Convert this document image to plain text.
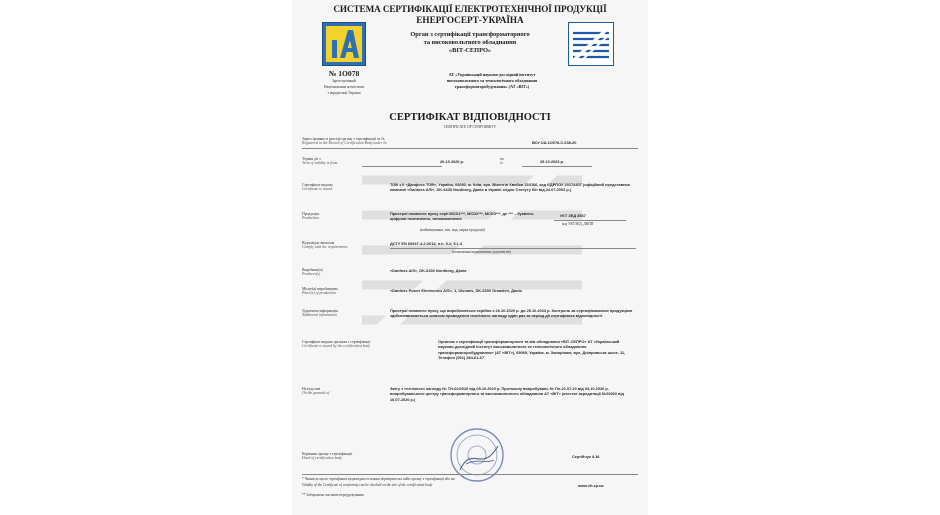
СИСТЕМА СЕРТИФІКАЦІЇ ЕЛЕКТРОТЕХНІЧНОЇ ПРОДУКЦІЇ
ЕНЕРГОСЕРТ-УКРАЇНА
№ 1О078
Зареєстрований
Національним агентством
з акредитації України
Орган з сертифікації трансформаторного
та високовольтного обладнання
«ВІТ-СЕПРО»
АТ «Український науково-дослідний інститут
високовольтного та технологічного обладнання
трансформаторобудування» (АТ «ВІТ»)
СЕРТИФІКАТ ВІДПОВІДНОСТІ
CERTIFICATE OF CONFORMITY
Зареєстровано в реєстрі органу з сертифікації за №
Registered in the Record of Certification Body under №	ВСУ UA.1О078.С.038-20
Термін дії з
Term of validity is from	26.10.2020 р.	по
to	25.10.2023 р.
Сертифікат видано
Certificate is issued
ТОВ з ІІ «Данфосс ТОВ», Україна, 04080, м. Київ, вул. Вікентія Хвойки 15/15/6, код ЄДРПОУ 20174407 (офіційний представник компанії «Danfoss A/S», DK-6430 Nordborg, Данія в Україні згідно Статуту б/н від 24.07.2003 р.)
Продукція
Production
Пристрої плавного пуску серії MCD1***, MCD2***, MCD3***, де *** – буквено-цифрові позначення, типовиконання
УКТ ЗЕД 8537
код УКТЗЕД, ДКПП
(найменування, тип, вид, марка продукції)
Відповідає вимогам
Comply with the requirements
ДСТУ EN 60947-4-2:2014, п.п. 5.2; 5.1.3
(позначення нормативних документів)
Виробник(и)
Producer(s)
«Danfoss A/S», DK-6430 Nordborg, Данія
Місце(я) виробництва
Place(s) of production
«Danfoss Power Electronics A/S», 1, Ulsnaes, DK-6300 Graasten, Данія
Додаткова інформація
Additional information
Пристрої плавного пуску, що виробляються серійно з 26.10.2020 р. до 25.10.2023 р. Контроль за сертифікованою продукцією здійснюватиметься шляхом проведення технічного нагляду один раз за період дії сертифіката відповідності.
Сертифікат видано органом з сертифікації
Certificate is issued by the certification body
Органом з сертифікації трансформаторного та в/в обладнання «ВІТ-СЕПРО» АТ «Український науково-дослідний інститут високовольтного та технологічного обладнання трансформаторобудування» (АТ «ВІТ»), 69069, Україна, м. Запоріжжя, вул. Дніпровське шосе, 11, Телефон (061) 284-61-67
На підставі
On the grounds of
Звіту з технічного нагляду № ТН-02/2020 від 05.10.2020 р. Протоколу випробувань № Пн-21.07.20 від 04.10.2020 р. випробувального центру трансформаторного та високовольтного обладнання АТ «ВІТ» (атестат акредитації №20060 від 16.07.2020 р.)
Керівник органу з сертифікації
Head of certification body	Сергійчук А.М.
* Чинність цього сертифіката відповідності можна перевірити на сайті органу з сертифікації або на
Validity of the Certificate of conformity can be checked on the site of the certification body
** Заборонено часткове передрукування
www.vit.zp.ua
